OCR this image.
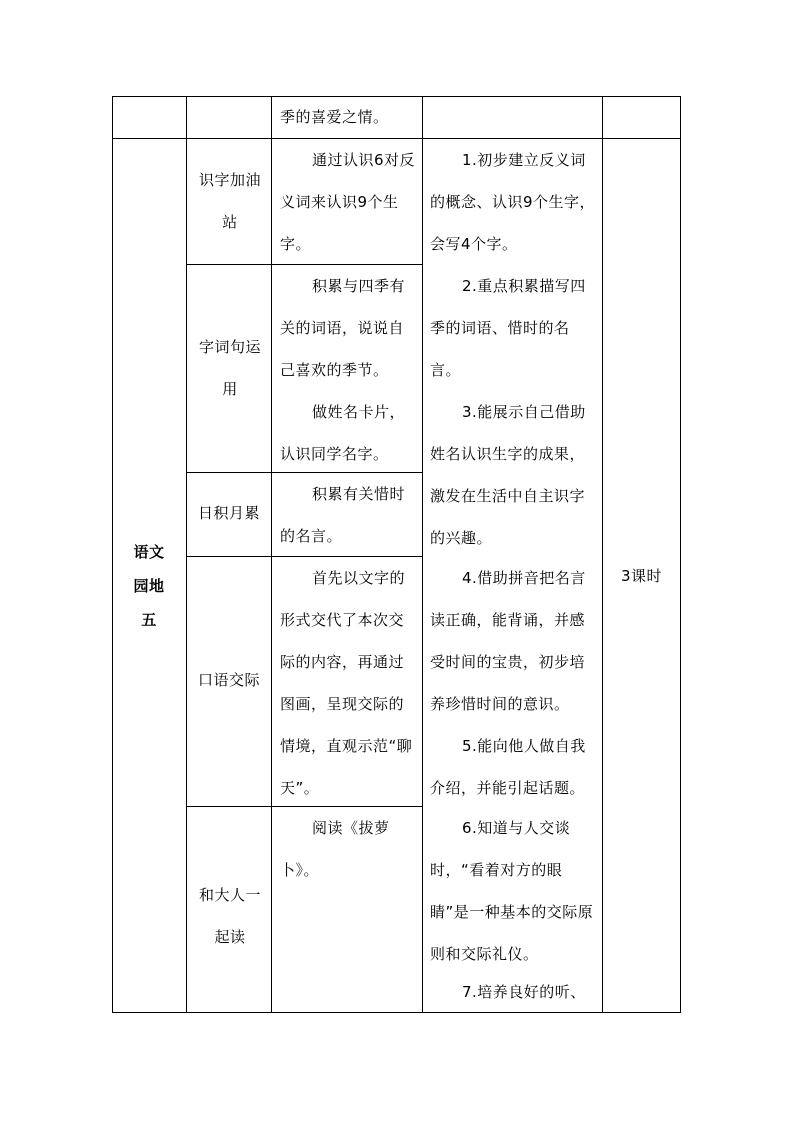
季的喜爱之情。
语文园地五
3课时
识字加油站
字词句运用
日积月累
口语交际
和大人一起读
通过认识6对反义词来认识9个生字。
积累与四季有关的词语，说说自己喜欢的季节。
做姓名卡片，认识同学名字。
积累有关惜时的名言。
首先以文字的形式交代了本次交际的内容，再通过图画，呈现交际的情境，直观示范“聊天”。
阅读《拔萝卜》。
1.初步建立反义词的概念、认识9个生字，会写4个字。
2.重点积累描写四季的词语、惜时的名言。
3.能展示自己借助姓名认识生字的成果，激发在生活中自主识字的兴趣。
4.借助拼音把名言读正确，能背诵，并感受时间的宝贵，初步培养珍惜时间的意识。
5.能向他人做自我介绍，并能引起话题。
6.知道与人交谈时，“看着对方的眼睛”是一种基本的交际原则和交际礼仪。
7.培养良好的听、
